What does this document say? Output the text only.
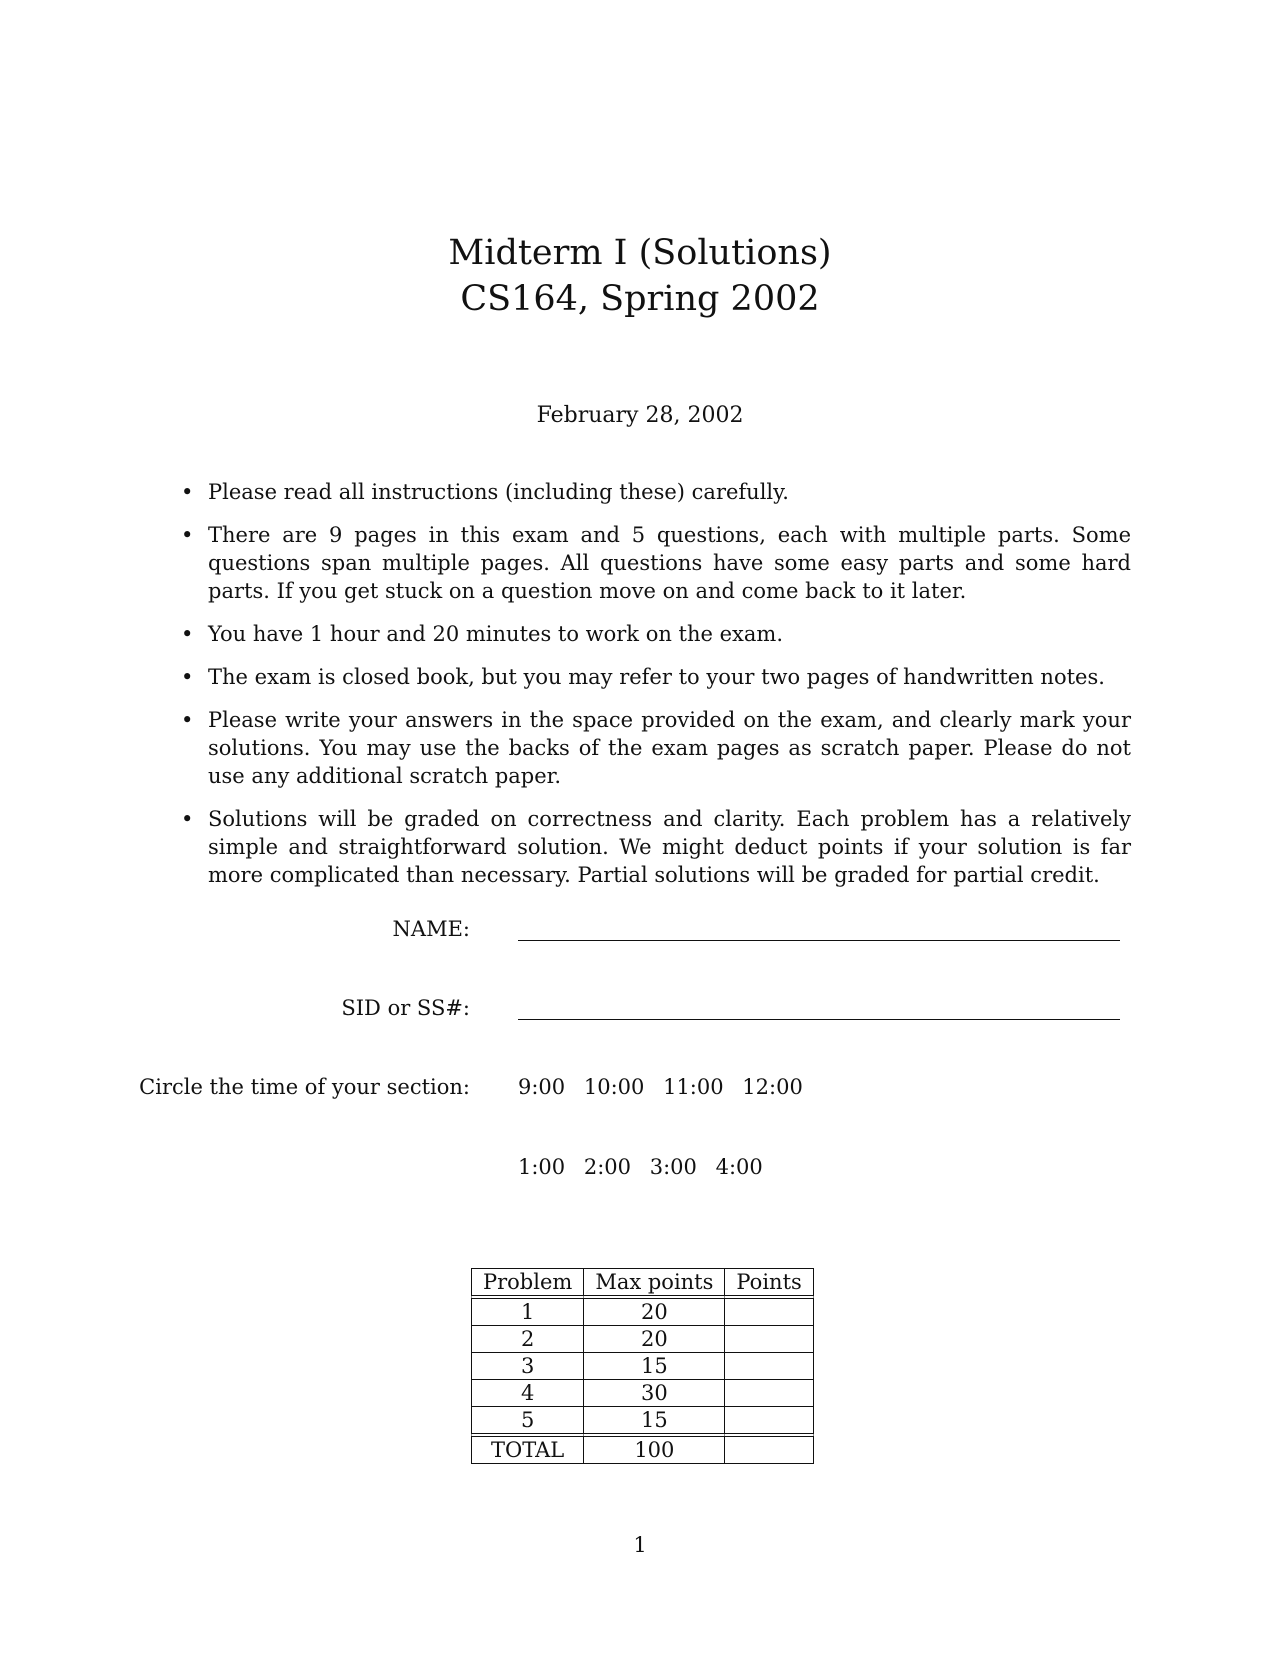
Midterm I (Solutions)
CS164, Spring 2002
February 28, 2002
• Please read all instructions (including these) carefully.
• There are 9 pages in this exam and 5 questions, each with multiple parts. Some questions span multiple pages. All questions have some easy parts and some hard parts. If you get stuck on a question move on and come back to it later.
• You have 1 hour and 20 minutes to work on the exam.
• The exam is closed book, but you may refer to your two pages of handwritten notes.
• Please write your answers in the space provided on the exam, and clearly mark your solutions. You may use the backs of the exam pages as scratch paper. Please do not use any additional scratch paper.
• Solutions will be graded on correctness and clarity. Each problem has a relatively simple and straightforward solution. We might deduct points if your solution is far more complicated than necessary. Partial solutions will be graded for partial credit.
NAME:
SID or SS#:
Circle the time of your section: 9:00 10:00 11:00 12:00
1:00 2:00 3:00 4:00
Problem	Max points	Points
1	20	
2	20	
3	15	
4	30	
5	15	
TOTAL	100	
1
